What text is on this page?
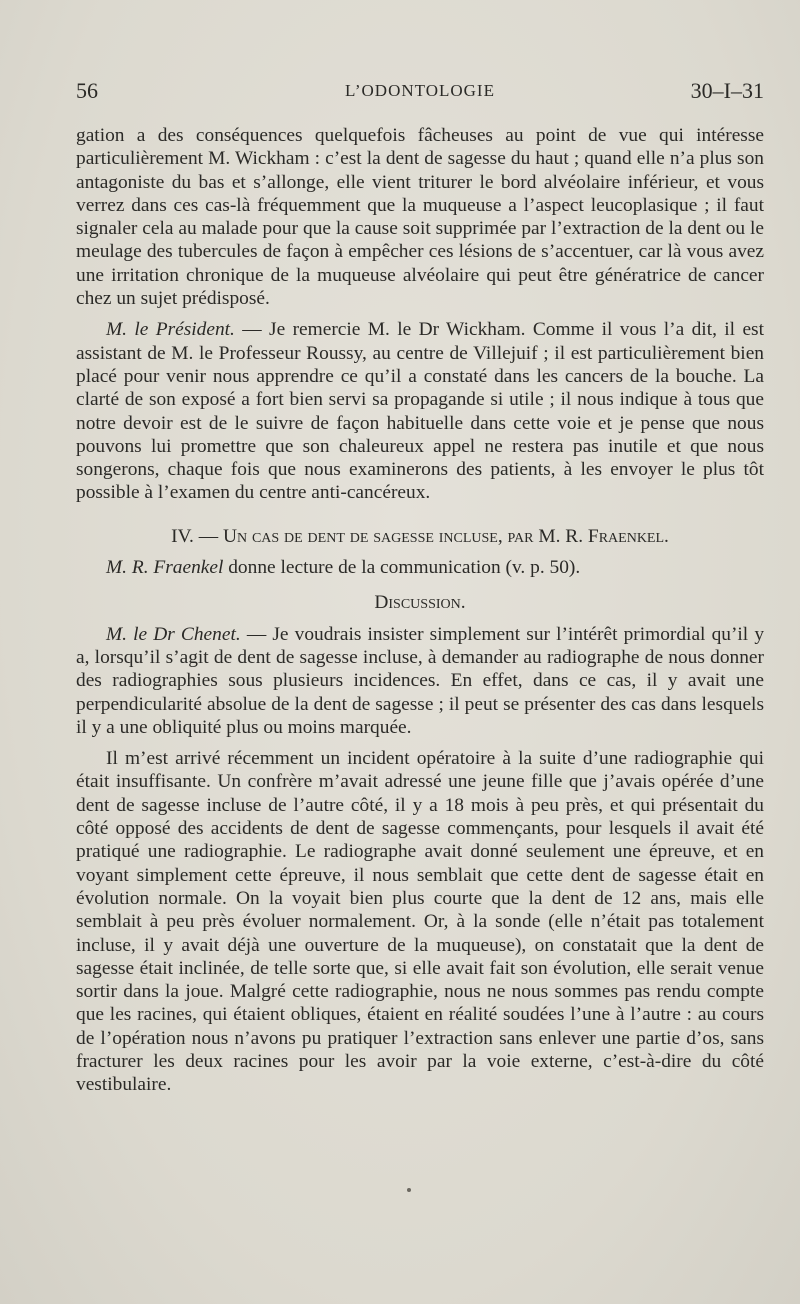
56	L’ODONTOLOGIE	30–I–31

gation a des conséquences quelquefois fâcheuses au point de vue qui intéresse particulièrement M. Wickham : c’est la dent de sagesse du haut ; quand elle n’a plus son antagoniste du bas et s’allonge, elle vient triturer le bord alvéolaire inférieur, et vous verrez dans ces cas-là fréquemment que la muqueuse a l’aspect leucoplasique ; il faut signaler cela au malade pour que la cause soit supprimée par l’extraction de la dent ou le meulage des tubercules de façon à empêcher ces lésions de s’accentuer, car là vous avez une irritation chronique de la muqueuse alvéolaire qui peut être génératrice de cancer chez un sujet prédisposé.

M. le Président. — Je remercie M. le Dr Wickham. Comme il vous l’a dit, il est assistant de M. le Professeur Roussy, au centre de Villejuif ; il est particulièrement bien placé pour venir nous apprendre ce qu’il a constaté dans les cancers de la bouche. La clarté de son exposé a fort bien servi sa propagande si utile ; il nous indique à tous que notre devoir est de le suivre de façon habituelle dans cette voie et je pense que nous pouvons lui promettre que son chaleureux appel ne restera pas inutile et que nous songerons, chaque fois que nous examinerons des patients, à les envoyer le plus tôt possible à l’examen du centre anti-cancéreux.

IV. — Un cas de dent de sagesse incluse, par M. R. Fraenkel.

M. R. Fraenkel donne lecture de la communication (v. p. 50).

Discussion.

M. le Dr Chenet. — Je voudrais insister simplement sur l’intérêt primordial qu’il y a, lorsqu’il s’agit de dent de sagesse incluse, à demander au radiographe de nous donner des radiographies sous plusieurs incidences. En effet, dans ce cas, il y avait une perpendicularité absolue de la dent de sagesse ; il peut se présenter des cas dans lesquels il y a une obliquité plus ou moins marquée.

Il m’est arrivé récemment un incident opératoire à la suite d’une radiographie qui était insuffisante. Un confrère m’avait adressé une jeune fille que j’avais opérée d’une dent de sagesse incluse de l’autre côté, il y a 18 mois à peu près, et qui présentait du côté opposé des accidents de dent de sagesse commençants, pour lesquels il avait été pratiqué une radiographie. Le radiographe avait donné seulement une épreuve, et en voyant simplement cette épreuve, il nous semblait que cette dent de sagesse était en évolution normale. On la voyait bien plus courte que la dent de 12 ans, mais elle semblait à peu près évoluer normalement. Or, à la sonde (elle n’était pas totalement incluse, il y avait déjà une ouverture de la muqueuse), on constatait que la dent de sagesse était inclinée, de telle sorte que, si elle avait fait son évolution, elle serait venue sortir dans la joue. Malgré cette radiographie, nous ne nous sommes pas rendu compte que les racines, qui étaient obliques, étaient en réalité soudées l’une à l’autre : au cours de l’opération nous n’avons pu pratiquer l’extraction sans enlever une partie d’os, sans fracturer les deux racines pour les avoir par la voie externe, c’est-à-dire du côté vestibulaire.
